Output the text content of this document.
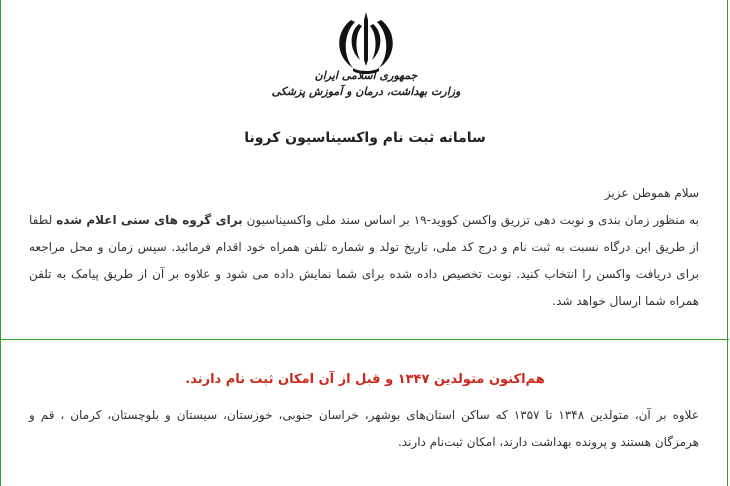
جمهوری اسلامی ایران
وزارت بهداشت، درمان و آموزش پزشکی
سامانه ثبت نام واکسیناسیون کرونا

سلام هموطن عزیز

به منظور زمان بندی و نوبت دهی تزریق واکسن کووید-۱۹ بر اساس سند ملی واکسیناسیون برای گروه های سنی اعلام شده لطفا از طریق این درگاه نسبت به ثبت نام و درج کد ملی، تاریخ تولد و شماره تلفن همراه خود اقدام فرمائید. سپس زمان و محل مراجعه برای دریافت واکسن را انتخاب کنید. نوبت تخصیص داده شده برای شما نمایش داده می شود و علاوه بر آن از طریق پیامک به تلفن همراه شما ارسال خواهد شد.

هم‌اکنون متولدین ۱۳۴۷ و قبل از آن امکان ثبت نام دارند.

علاوه بر آن، متولدین ۱۳۴۸ تا ۱۳۵۷ که ساکن استان‌های بوشهر، خراسان جنوبی، خوزستان، سیستان و بلوچستان، کرمان ، قم و هرمزگان هستند و پرونده بهداشت دارند، امکان ثبت‌نام دارند.
